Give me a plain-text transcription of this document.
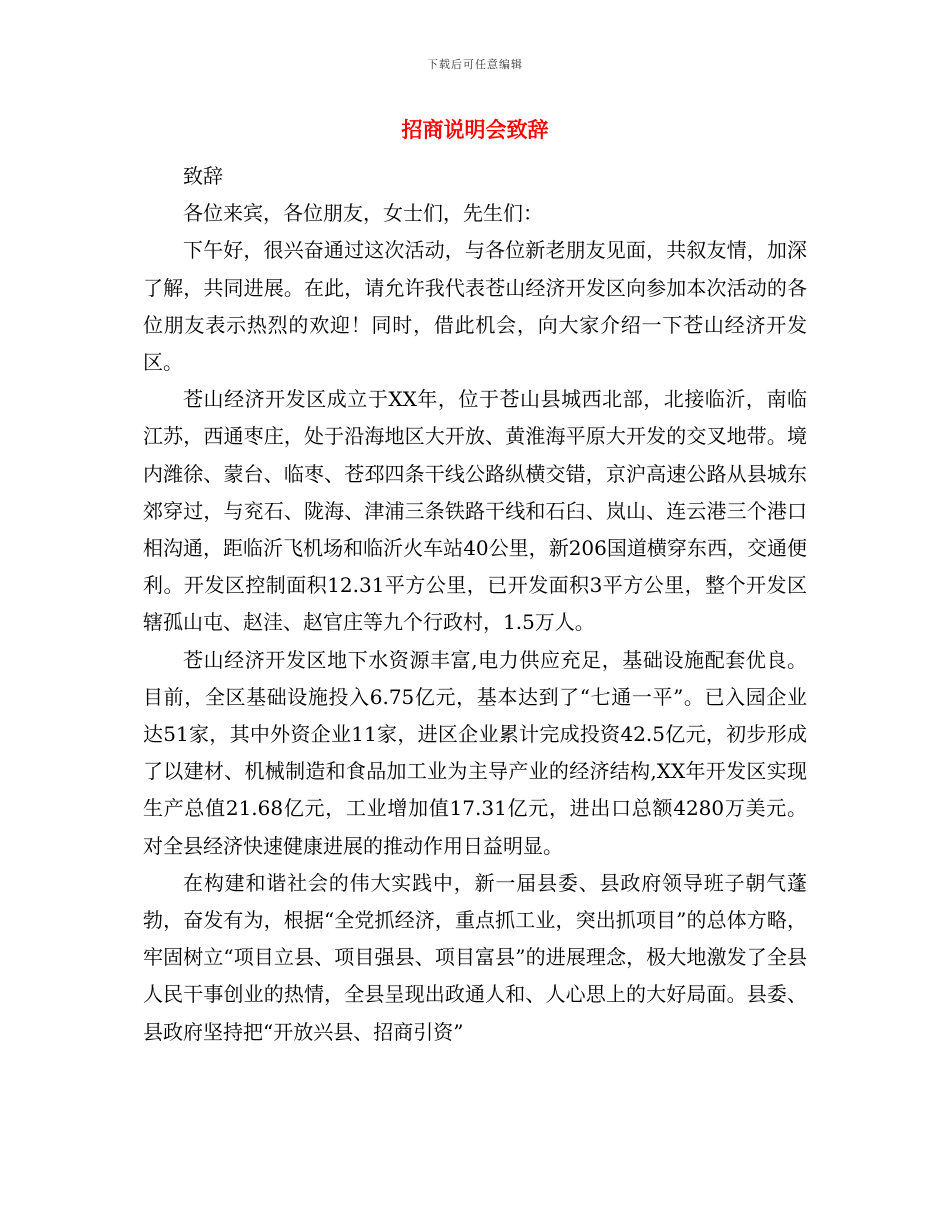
下载后可任意编辑
招商说明会致辞

致辞

各位来宾，各位朋友，女士们，先生们：

下午好，很兴奋通过这次活动，与各位新老朋友见面，共叙友情，加深了解，共同进展。在此，请允许我代表苍山经济开发区向参加本次活动的各位朋友表示热烈的欢迎！同时，借此机会，向大家介绍一下苍山经济开发区。

苍山经济开发区成立于XX年，位于苍山县城西北部，北接临沂，南临江苏，西通枣庄，处于沿海地区大开放、黄淮海平原大开发的交叉地带。境内潍徐、蒙台、临枣、苍邳四条干线公路纵横交错，京沪高速公路从县城东郊穿过，与兖石、陇海、津浦三条铁路干线和石臼、岚山、连云港三个港口相沟通，距临沂飞机场和临沂火车站40公里，新206国道横穿东西，交通便利。开发区控制面积12.31平方公里，已开发面积3平方公里，整个开发区辖孤山屯、赵洼、赵官庄等九个行政村，1.5万人。

苍山经济开发区地下水资源丰富,电力供应充足，基础设施配套优良。目前，全区基础设施投入6.75亿元，基本达到了“七通一平”。已入园企业达51家，其中外资企业11家，进区企业累计完成投资42.5亿元，初步形成了以建材、机械制造和食品加工业为主导产业的经济结构,XX年开发区实现生产总值21.68亿元，工业增加值17.31亿元，进出口总额4280万美元。对全县经济快速健康进展的推动作用日益明显。

在构建和谐社会的伟大实践中，新一届县委、县政府领导班子朝气蓬勃，奋发有为，根据“全党抓经济，重点抓工业，突出抓项目”的总体方略，牢固树立“项目立县、项目强县、项目富县”的进展理念，极大地激发了全县人民干事创业的热情，全县呈现出政通人和、人心思上的大好局面。县委、县政府坚持把“开放兴县、招商引资”
